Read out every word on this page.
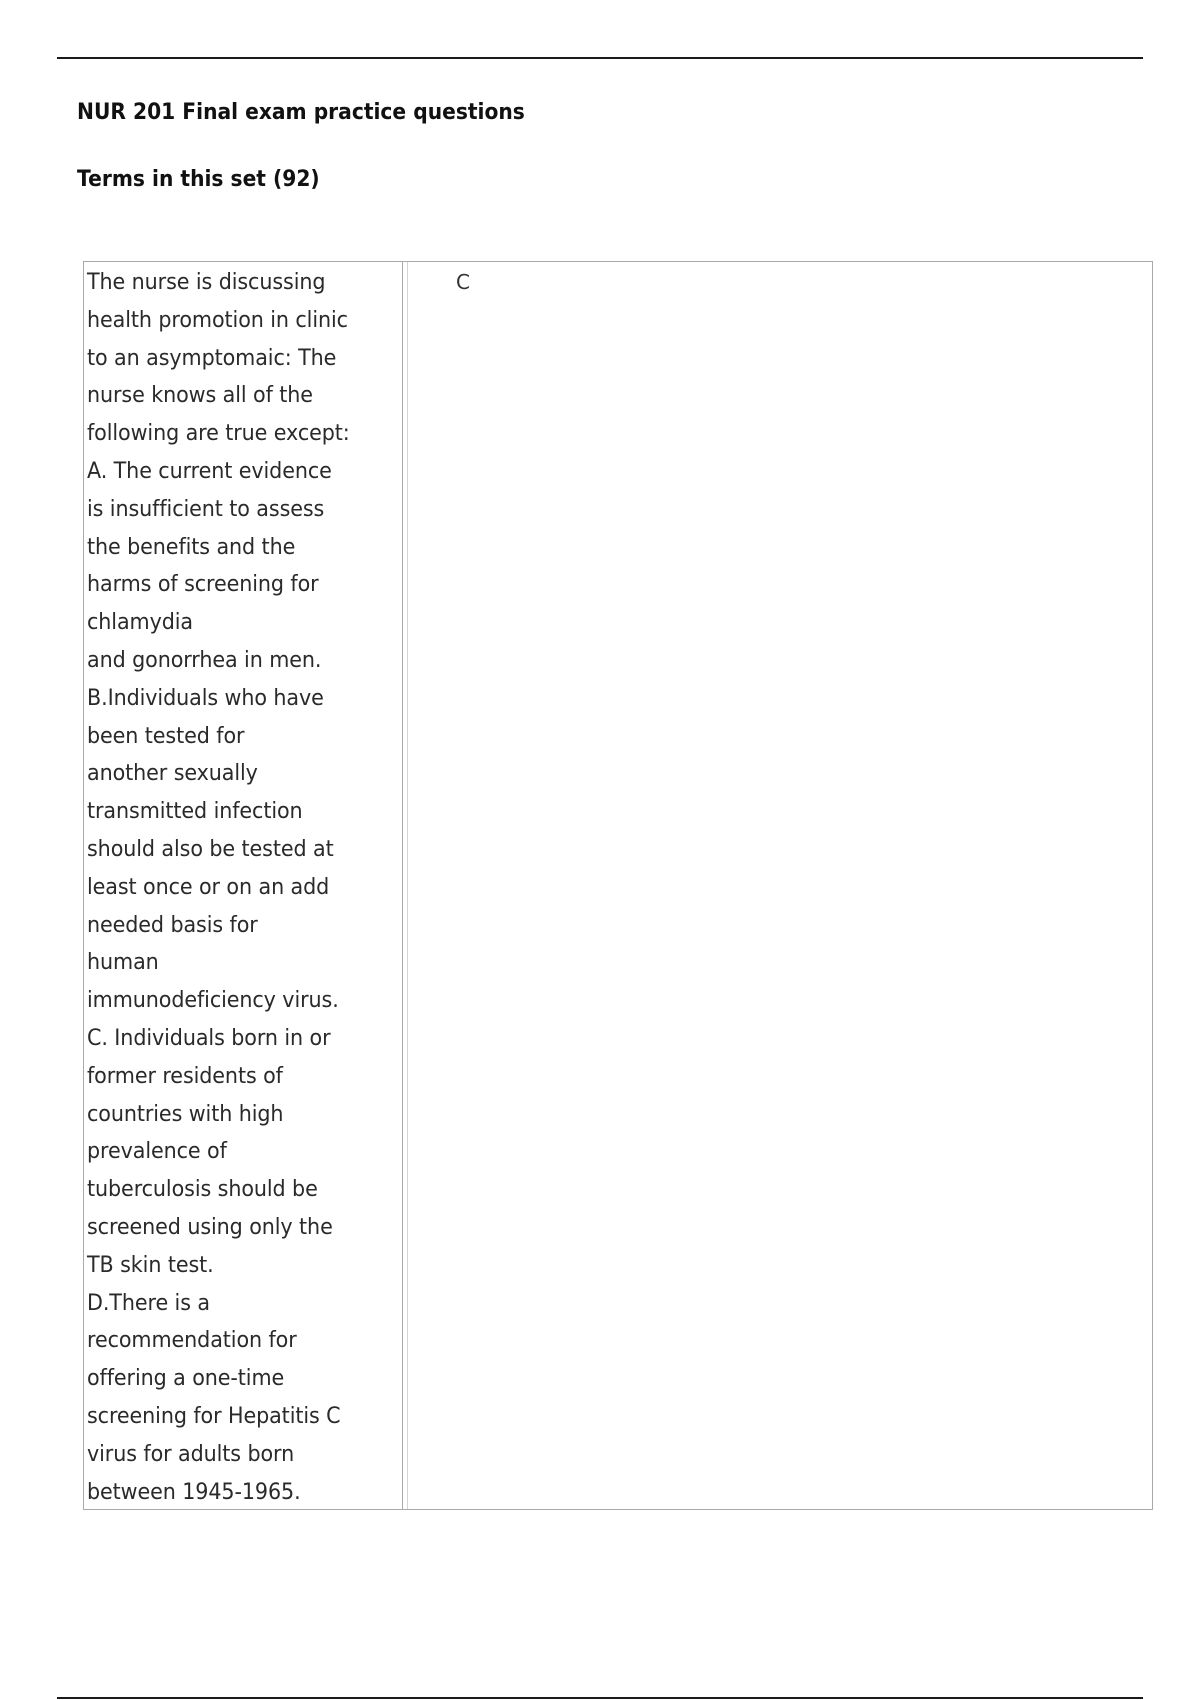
NUR 201 Final exam practice questions
Terms in this set (92)

The nurse is discussing
health promotion in clinic
to an asymptomaic: The
nurse knows all of the
following are true except:
A. The current evidence
is insufficient to assess
the benefits and the
harms of screening for
chlamydia
and gonorrhea in men.
B.Individuals who have
been tested for
another sexually
transmitted infection
should also be tested at
least once or on an add
needed basis for
human
immunodeficiency virus.
C. Individuals born in or
former residents of
countries with high
prevalence of
tuberculosis should be
screened using only the
TB skin test.
D.There is a
recommendation for
offering a one-time
screening for Hepatitis C
virus for adults born
between 1945-1965.

C
